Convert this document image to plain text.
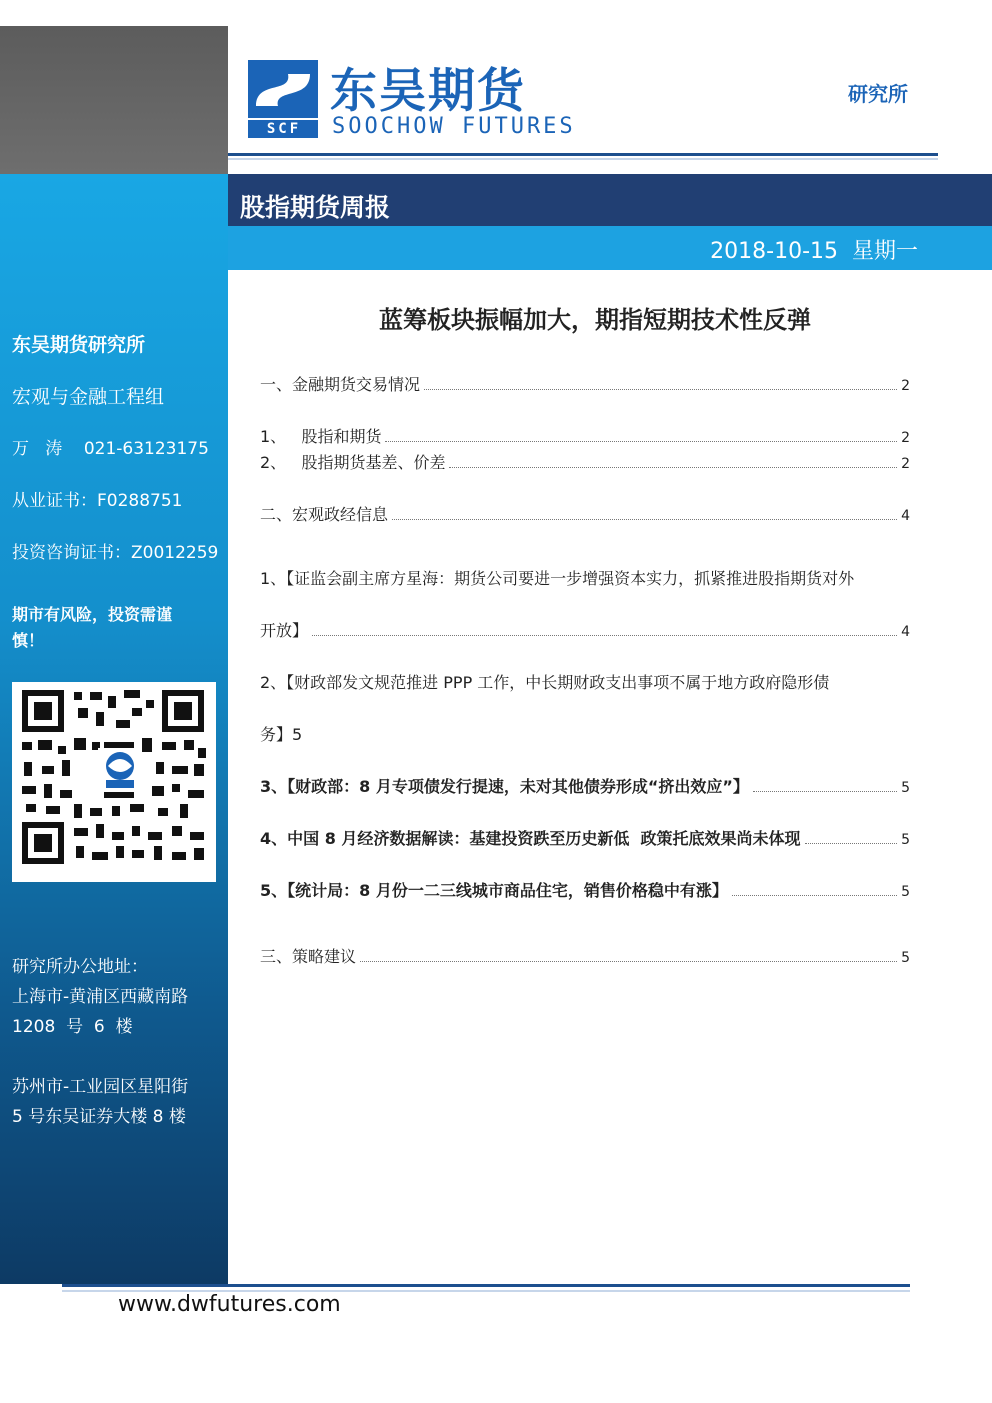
东吴期货研究所
宏观与金融工程组
万   涛    021-63123175
从业证书：F0288751
投资咨询证书：Z0012259
期市有风险，投资需谨
慎！
研究所办公地址：
上海市-黄浦区西藏南路
1208  号  6  楼
苏州市-工业园区星阳街
5 号东吴证券大楼 8 楼
SCF
东吴期货
SOOCHOW FUTURES
研究所
股指期货周报
2018-10-15  星期一
蓝筹板块振幅加大，期指短期技术性反弹
一、金融期货交易情况	2
1、   股指和期货	2
2、   股指期货基差、价差	2
二、宏观政经信息	4
1、【证监会副主席方星海：期货公司要进一步增强资本实力，抓紧推进股指期货对外
开放】	4
2、【财政部发文规范推进 PPP 工作，中长期财政支出事项不属于地方政府隐形债
务】5
3、【财政部：8 月专项债发行提速，未对其他债券形成“挤出效应”】	5
4、中国 8 月经济数据解读：基建投资跌至历史新低  政策托底效果尚未体现	5
5、【统计局：8 月份一二三线城市商品住宅，销售价格稳中有涨】	5
三、策略建议	5
www.dwfutures.com
